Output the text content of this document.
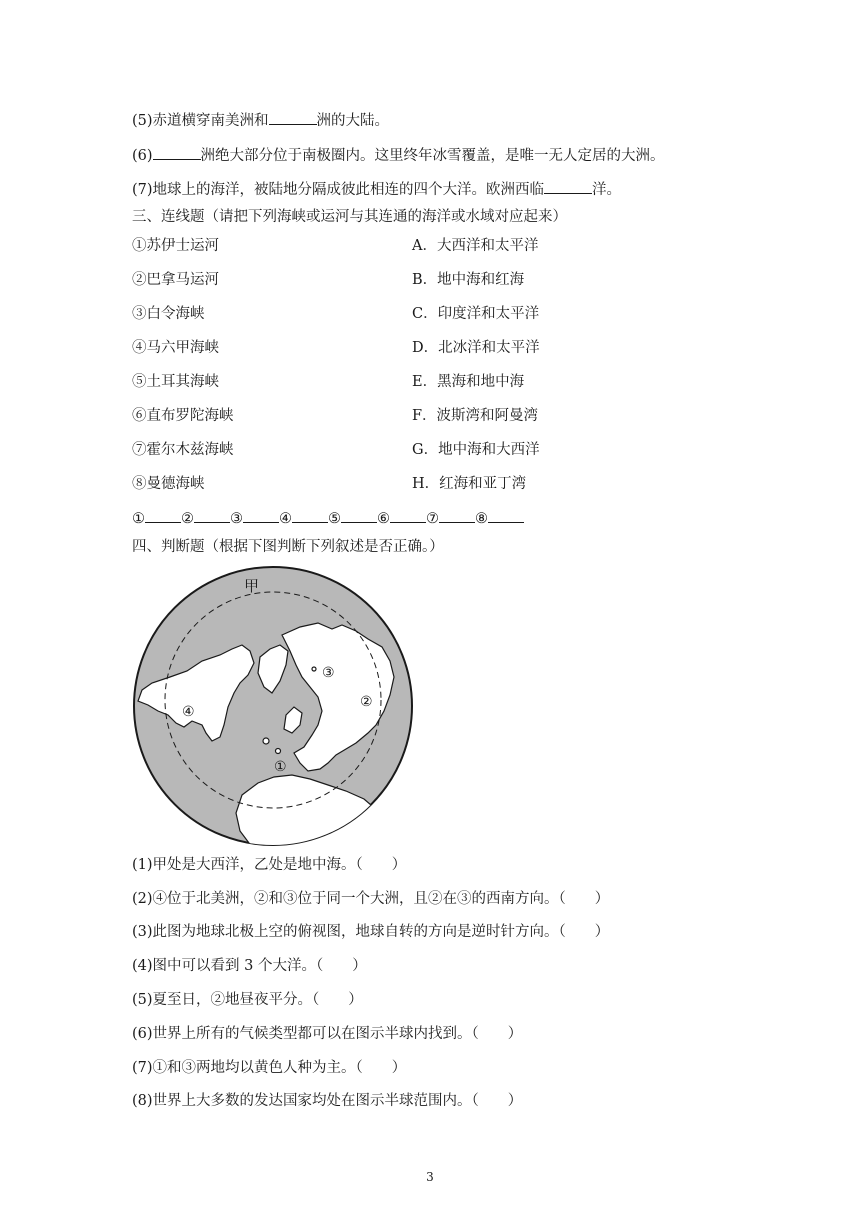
(5)赤道横穿南美洲和	洲的大陆。
(6)	洲绝大部分位于南极圈内。这里终年冰雪覆盖，是唯一无人定居的大洲。
(7)地球上的海洋，被陆地分隔成彼此相连的四个大洋。欧洲西临	洋。
三、连线题（请把下列海峡或运河与其连通的海洋或水域对应起来）
①苏伊士运河	A．大西洋和太平洋
②巴拿马运河	B．地中海和红海
③白令海峡	C．印度洋和太平洋
④马六甲海峡	D．北冰洋和太平洋
⑤土耳其海峡	E．黑海和地中海
⑥直布罗陀海峡	F．波斯湾和阿曼湾
⑦霍尔木兹海峡	G．地中海和大西洋
⑧曼德海峡	H．红海和亚丁湾
① ② ③ ④ ⑤ ⑥ ⑦ ⑧
四、判断题（根据下图判断下列叙述是否正确。）
甲
③
②
④
①
(1)甲处是大西洋，乙处是地中海。（　　）
(2)④位于北美洲，②和③位于同一个大洲，且②在③的西南方向。（　　）
(3)此图为地球北极上空的俯视图，地球自转的方向是逆时针方向。（　　）
(4)图中可以看到 3 个大洋。（　　）
(5)夏至日，②地昼夜平分。（　　）
(6)世界上所有的气候类型都可以在图示半球内找到。（　　）
(7)①和③两地均以黄色人种为主。（　　）
(8)世界上大多数的发达国家均处在图示半球范围内。（　　）
3
